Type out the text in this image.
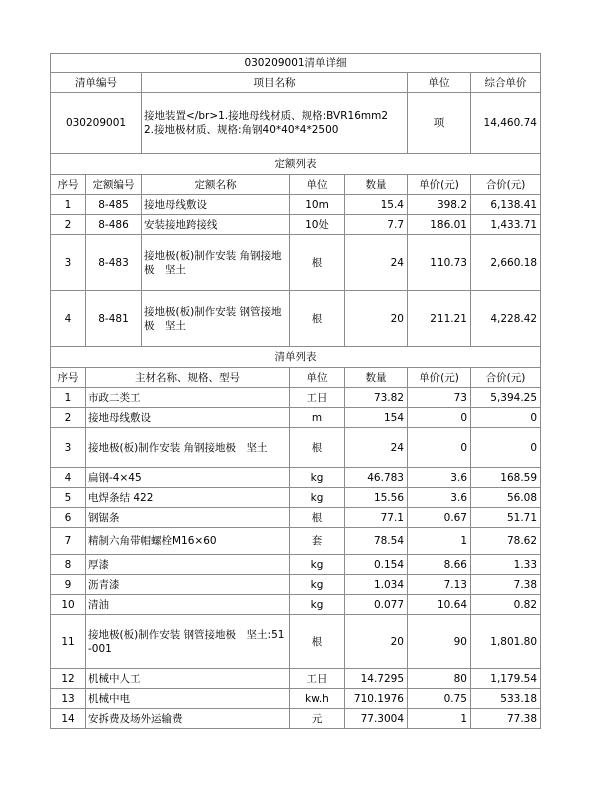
030209001清单详细			
清单编号	项目名称	单位	综合单价
030209001	接地装置</br>1.接地母线材质、规格:BVR16mm2
2.接地极材质、规格:角钢40*40*4*2500	项	14,460.74
定额列表						
序号	定额编号	定额名称	单位	数量	单价(元)	合价(元)
1	8-485	接地母线敷设	10m	15.4	398.2	6,138.41
2	8-486	安装接地跨接线	10处	7.7	186.01	1,433.71
3	8-483	接地极(板)制作安装 角钢接地极　坚土	根	24	110.73	2,660.18
4	8-481	接地极(板)制作安装 钢管接地极　坚土	根	20	211.21	4,228.42
清单列表					
序号	主材名称、规格、型号	单位	数量	单价(元)	合价(元)
1	市政二类工	工日	73.82	73	5,394.25
2	接地母线敷设	m	154	0	0
3	接地极(板)制作安装 角钢接地极　坚土	根	24	0	0
4	扁钢-4×45	kg	46.783	3.6	168.59
5	电焊条结 422	kg	15.56	3.6	56.08
6	钢锯条	根	77.1	0.67	51.71
7	精制六角带帽螺栓M16×60	套	78.54	1	78.62
8	厚漆	kg	0.154	8.66	1.33
9	沥青漆	kg	1.034	7.13	7.38
10	清油	kg	0.077	10.64	0.82
11	接地极(板)制作安装 钢管接地极　坚土:51-001	根	20	90	1,801.80
12	机械中人工	工日	14.7295	80	1,179.54
13	机械中电	kw.h	710.1976	0.75	533.18
14	安拆费及场外运输费	元	77.3004	1	77.38
